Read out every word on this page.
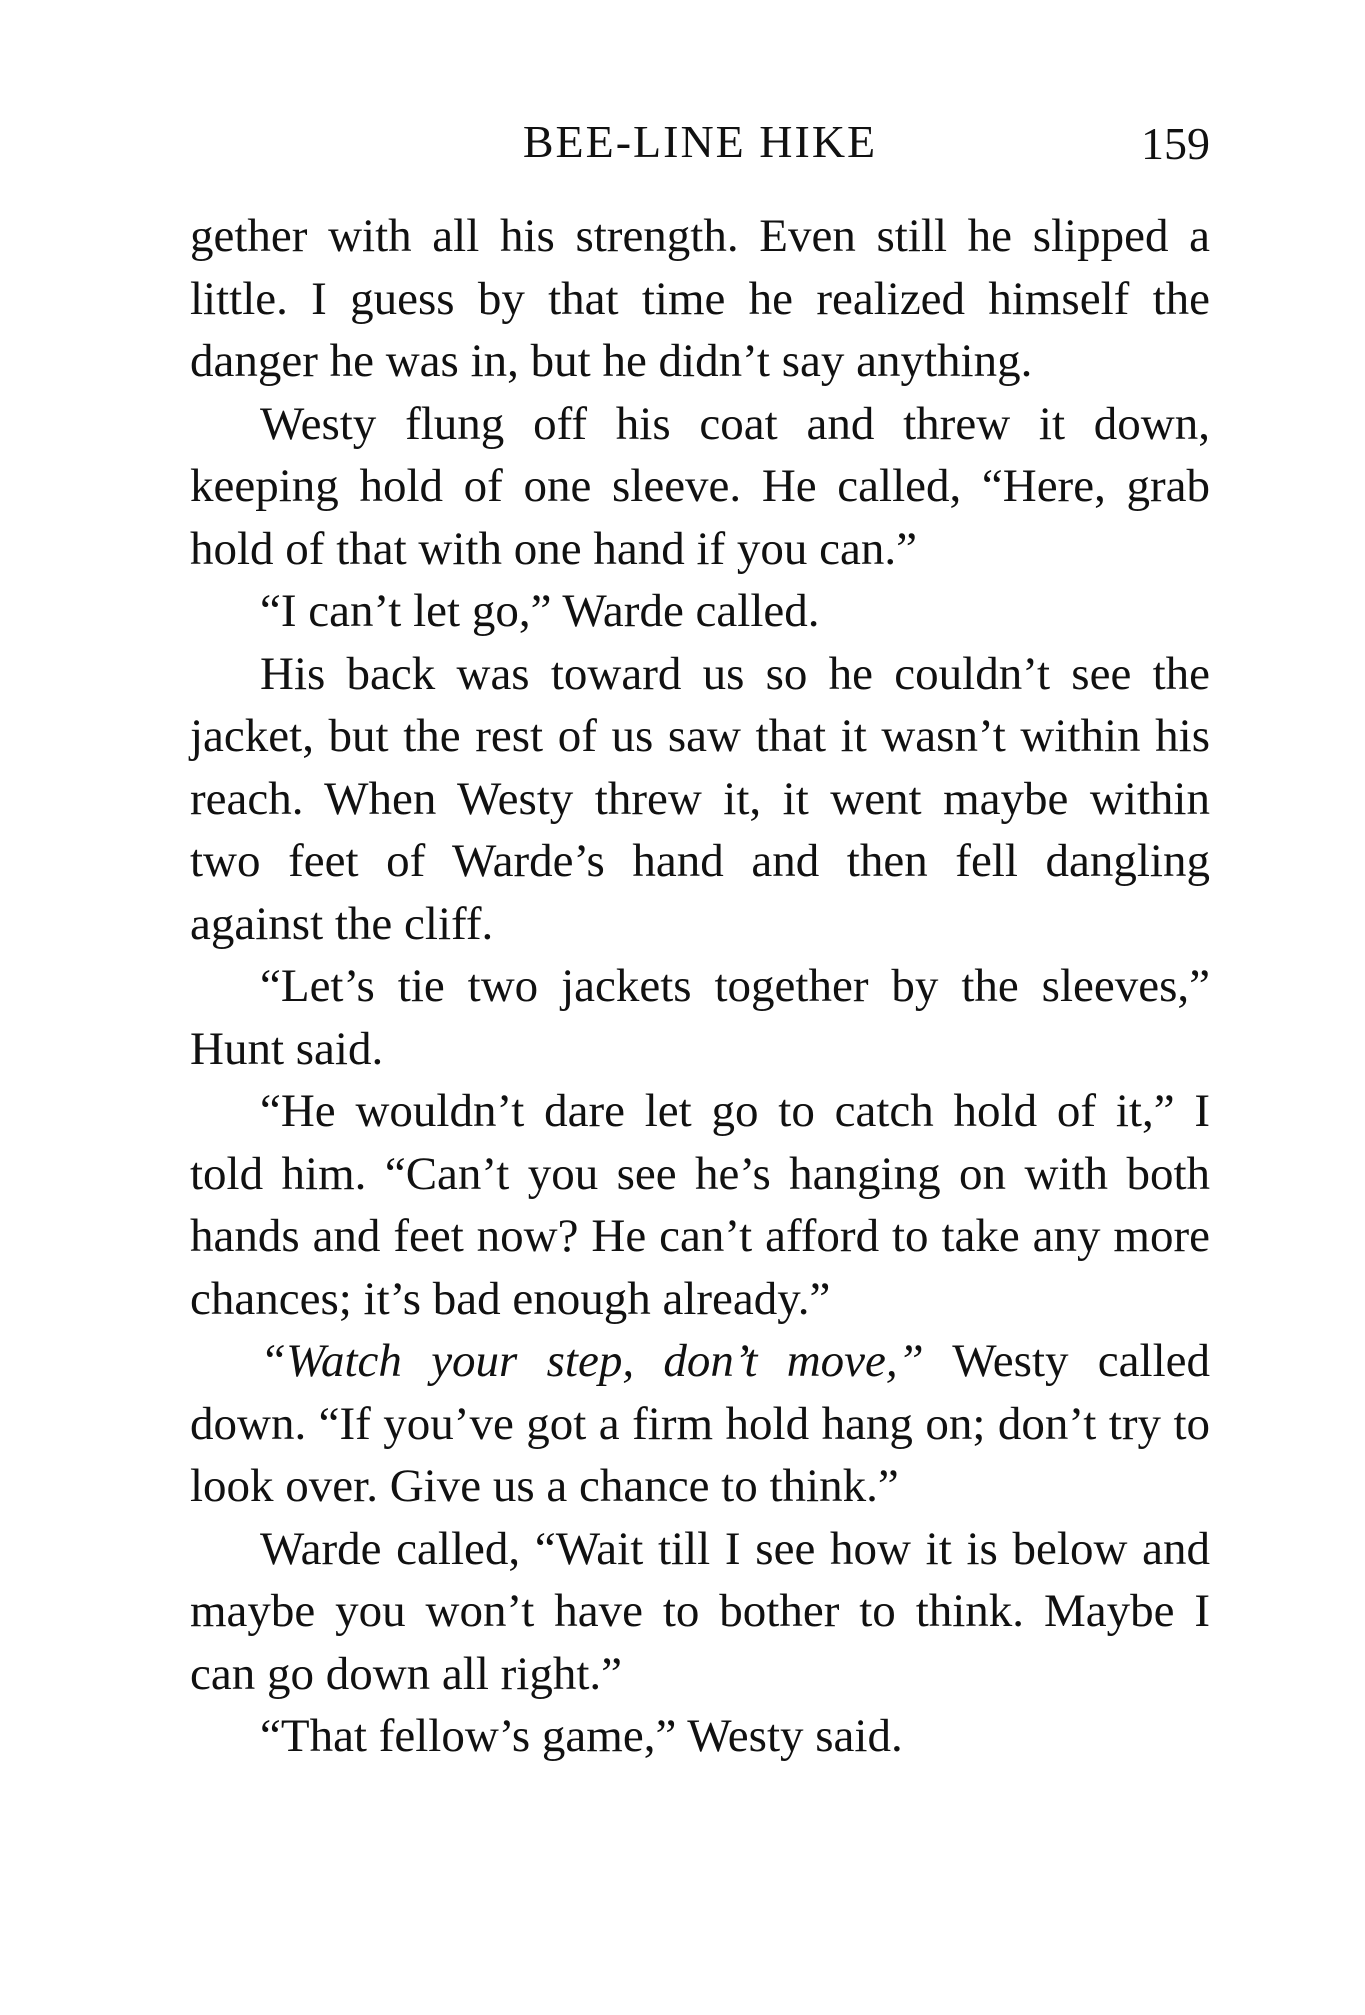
BEE-LINE HIKE	159

gether with all his strength. Even still he slipped a little. I guess by that time he realized himself the danger he was in, but he didn’t say anything.

Westy flung off his coat and threw it down, keeping hold of one sleeve. He called, “Here, grab hold of that with one hand if you can.”

“I can’t let go,” Warde called.

His back was toward us so he couldn’t see the jacket, but the rest of us saw that it wasn’t within his reach. When Westy threw it, it went maybe within two feet of Warde’s hand and then fell dangling against the cliff.

“Let’s tie two jackets together by the sleeves,” Hunt said.

“He wouldn’t dare let go to catch hold of it,” I told him. “Can’t you see he’s hanging on with both hands and feet now? He can’t afford to take any more chances; it’s bad enough already.”

“Watch your step, don’t move,” Westy called down. “If you’ve got a firm hold hang on; don’t try to look over. Give us a chance to think.”

Warde called, “Wait till I see how it is below and maybe you won’t have to bother to think. Maybe I can go down all right.”

“That fellow’s game,” Westy said.
